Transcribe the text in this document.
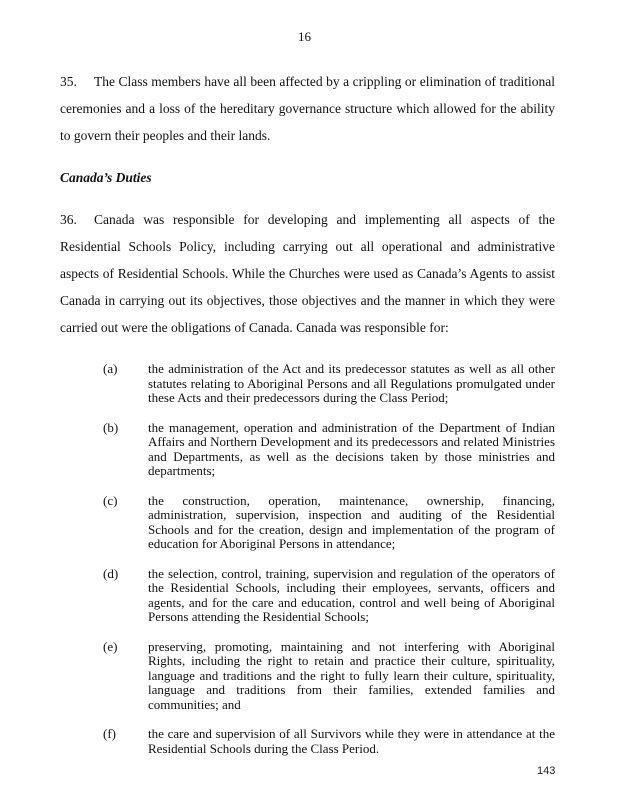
16

35. The Class members have all been affected by a crippling or elimination of traditional ceremonies and a loss of the hereditary governance structure which allowed for the ability to govern their peoples and their lands.

Canada’s Duties

36. Canada was responsible for developing and implementing all aspects of the Residential Schools Policy, including carrying out all operational and administrative aspects of Residential Schools. While the Churches were used as Canada’s Agents to assist Canada in carrying out its objectives, those objectives and the manner in which they were carried out were the obligations of Canada. Canada was responsible for:

(a)	the administration of the Act and its predecessor statutes as well as all other statutes relating to Aboriginal Persons and all Regulations promulgated under these Acts and their predecessors during the Class Period;
(b)	the management, operation and administration of the Department of Indian Affairs and Northern Development and its predecessors and related Ministries and Departments, as well as the decisions taken by those ministries and departments;
(c)	the construction, operation, maintenance, ownership, financing, administration, supervision, inspection and auditing of the Residential Schools and for the creation, design and implementation of the program of education for Aboriginal Persons in attendance;
(d)	the selection, control, training, supervision and regulation of the operators of the Residential Schools, including their employees, servants, officers and agents, and for the care and education, control and well being of Aboriginal Persons attending the Residential Schools;
(e)	preserving, promoting, maintaining and not interfering with Aboriginal Rights, including the right to retain and practice their culture, spirituality, language and traditions and the right to fully learn their culture, spirituality, language and traditions from their families, extended families and communities; and
(f)	the care and supervision of all Survivors while they were in attendance at the Residential Schools during the Class Period.
143
